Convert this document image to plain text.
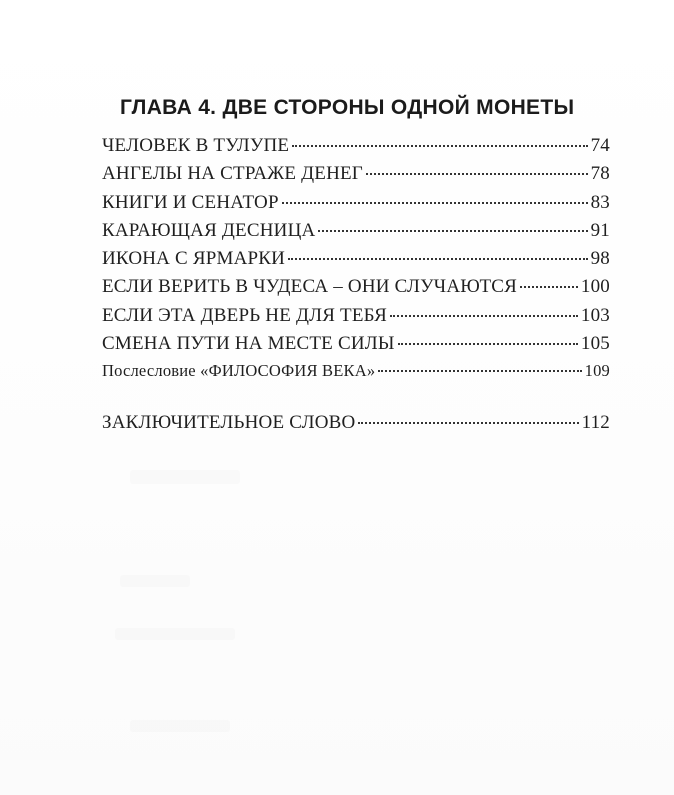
ГЛАВА 4. ДВЕ СТОРОНЫ ОДНОЙ МОНЕТЫ
ЧЕЛОВЕК В ТУЛУПЕ	74
АНГЕЛЫ НА СТРАЖЕ ДЕНЕГ	78
КНИГИ И СЕНАТОР	83
КАРАЮЩАЯ ДЕСНИЦА	91
ИКОНА С ЯРМАРКИ	98
ЕСЛИ ВЕРИТЬ В ЧУДЕСА – ОНИ СЛУЧАЮТСЯ	100
ЕСЛИ ЭТА ДВЕРЬ НЕ ДЛЯ ТЕБЯ	103
СМЕНА ПУТИ НА МЕСТЕ СИЛЫ	105
Послесловие «ФИЛОСОФИЯ ВЕКА»	109
ЗАКЛЮЧИТЕЛЬНОЕ СЛОВО	112
